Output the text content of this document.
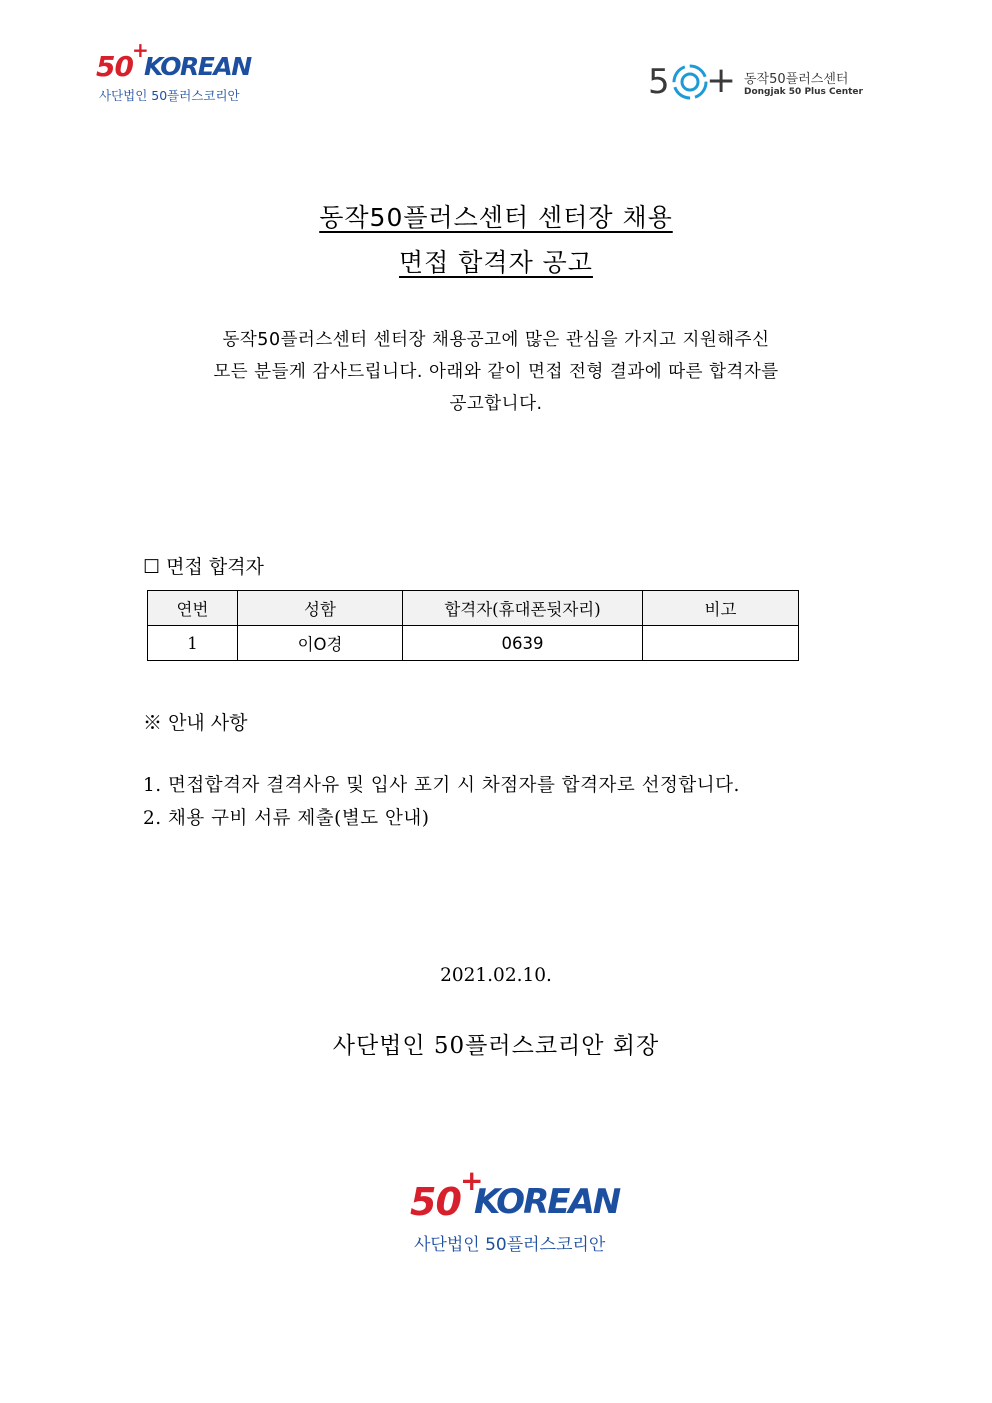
50 +
KOREAN
사단법인 50플러스코리안	5 + 동작50플러스센터
Dongjak 50 Plus Center
동작50플러스센터 센터장 채용
면접 합격자 공고
동작50플러스센터 센터장 채용공고에 많은 관심을 가지고 지원해주신
모든 분들게 감사드립니다. 아래와 같이 면접 전형 결과에 따른 합격자를
공고합니다.
☐ 면접 합격자
연번	성함	합격자(휴대폰뒷자리)	비고
1	이O경	0639	
※ 안내 사항
1. 면접합격자 결격사유 및 입사 포기 시 차점자를 합격자로 선정합니다.
2. 채용 구비 서류 제출(별도 안내)
2021.02.10.
사단법인 50플러스코리안 회장
50 +
KOREAN
사단법인 50플러스코리안
